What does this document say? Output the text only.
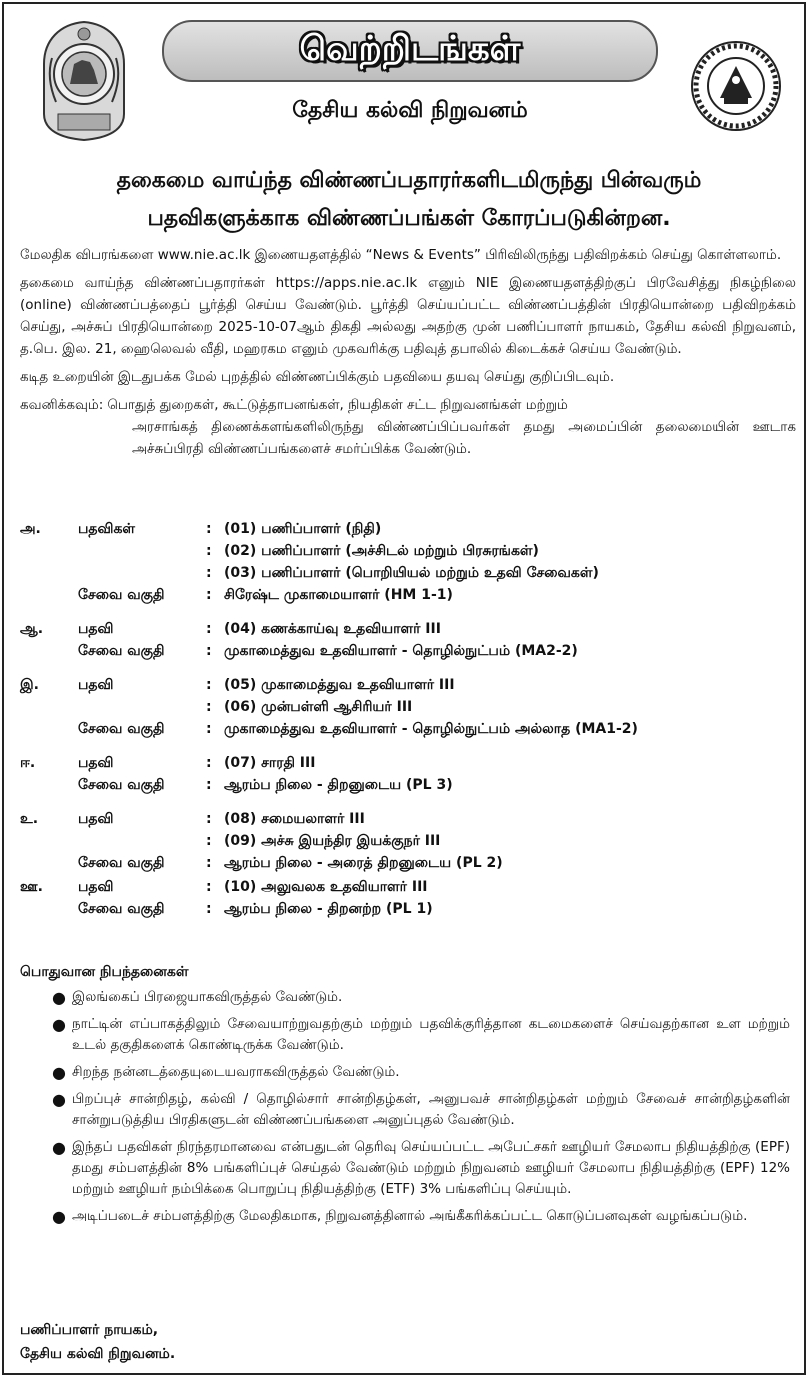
வெற்றிடங்கள்
தேசிய கல்வி நிறுவனம்
தகைமை வாய்ந்த விண்ணப்பதாரர்களிடமிருந்து பின்வரும்
பதவிகளுக்காக விண்ணப்பங்கள் கோரப்படுகின்றன.

மேலதிக விபரங்களை www.nie.ac.lk இணையதளத்தில் “News & Events” பிரிவிலிருந்து பதிவிறக்கம் செய்து கொள்ளலாம்.

தகைமை வாய்ந்த விண்ணப்பதாரர்கள் https://apps.nie.ac.lk எனும் NIE இணையதளத்திற்குப் பிரவேசித்து நிகழ்நிலை (online) விண்ணப்பத்தைப் பூர்த்தி செய்ய வேண்டும். பூர்த்தி செய்யப்பட்ட விண்ணப்பத்தின் பிரதியொன்றை பதிவிறக்கம் செய்து, அச்சுப் பிரதியொன்றை 2025-10-07ஆம் திகதி அல்லது அதற்கு முன் பணிப்பாளர் நாயகம், தேசிய கல்வி நிறுவனம், த.பெ. இல. 21, ஹைலெவல் வீதி, மஹரகம எனும் முகவரிக்கு பதிவுத் தபாலில் கிடைக்கச் செய்ய வேண்டும்.

கடித உறையின் இடதுபக்க மேல் புறத்தில் விண்ணப்பிக்கும் பதவியை தயவு செய்து குறிப்பிடவும்.

கவனிக்கவும்: பொதுத் துறைகள், கூட்டுத்தாபனங்கள், நியதிகள் சட்ட நிறுவனங்கள் மற்றும்
அரசாங்கத் திணைக்களங்களிலிருந்து விண்ணப்பிப்பவர்கள் தமது அமைப்பின் தலைமையின் ஊடாக அச்சுப்பிரதி விண்ணப்பங்களைச் சமர்ப்பிக்க வேண்டும்.
அ.	பதவிகள்	: (01) பணிப்பாளர் (நிதி)
: (02) பணிப்பாளர் (அச்சிடல் மற்றும் பிரசுரங்கள்)
: (03) பணிப்பாளர் (பொறியியல் மற்றும் உதவி சேவைகள்)
சேவை வகுதி	: சிரேஷ்ட முகாமையாளர் (HM 1-1)
ஆ.	பதவி	: (04) கணக்காய்வு உதவியாளர் III
சேவை வகுதி	: முகாமைத்துவ உதவியாளர் - தொழில்நுட்பம் (MA2-2)
இ.	பதவி	: (05) முகாமைத்துவ உதவியாளர் III
: (06) முன்பள்ளி ஆசிரியர் III
சேவை வகுதி	: முகாமைத்துவ உதவியாளர் - தொழில்நுட்பம் அல்லாத (MA1-2)
ஈ.	பதவி	: (07) சாரதி III
சேவை வகுதி	: ஆரம்ப நிலை - திறனுடைய (PL 3)
உ.	பதவி	: (08) சமையலாளர் III
: (09) அச்சு இயந்திர இயக்குநர் III
சேவை வகுதி	: ஆரம்ப நிலை - அரைத் திறனுடைய (PL 2)
ஊ.	பதவி	: (10) அலுவலக உதவியாளர் III
சேவை வகுதி	: ஆரம்ப நிலை - திறனற்ற (PL 1)
பொதுவான நிபந்தனைகள்
● இலங்கைப் பிரஜையாகவிருத்தல் வேண்டும்.
● நாட்டின் எப்பாகத்திலும் சேவையாற்றுவதற்கும் மற்றும் பதவிக்குரித்தான கடமைகளைச் செய்வதற்கான உள மற்றும் உடல் தகுதிகளைக் கொண்டிருக்க வேண்டும்.
● சிறந்த நன்னடத்தையுடையவராகவிருத்தல் வேண்டும்.
● பிறப்புச் சான்றிதழ், கல்வி / தொழில்சார் சான்றிதழ்கள், அனுபவச் சான்றிதழ்கள் மற்றும் சேவைச் சான்றிதழ்களின் சான்றுபடுத்திய பிரதிகளுடன் விண்ணப்பங்களை அனுப்புதல் வேண்டும்.
● இந்தப் பதவிகள் நிரந்தரமானவை என்பதுடன் தெரிவு செய்யப்பட்ட அபேட்சகர் ஊழியர் சேமலாப நிதியத்திற்கு (EPF) தமது சம்பளத்தின் 8% பங்களிப்புச் செய்தல் வேண்டும் மற்றும் நிறுவனம் ஊழியர் சேமலாப நிதியத்திற்கு (EPF) 12% மற்றும் ஊழியர் நம்பிக்கை பொறுப்பு நிதியத்திற்கு (ETF) 3% பங்களிப்பு செய்யும்.
● அடிப்படைச் சம்பளத்திற்கு மேலதிகமாக, நிறுவனத்தினால் அங்கீகரிக்கப்பட்ட கொடுப்பனவுகள் வழங்கப்படும்.
பணிப்பாளர் நாயகம்,
தேசிய கல்வி நிறுவனம்.
